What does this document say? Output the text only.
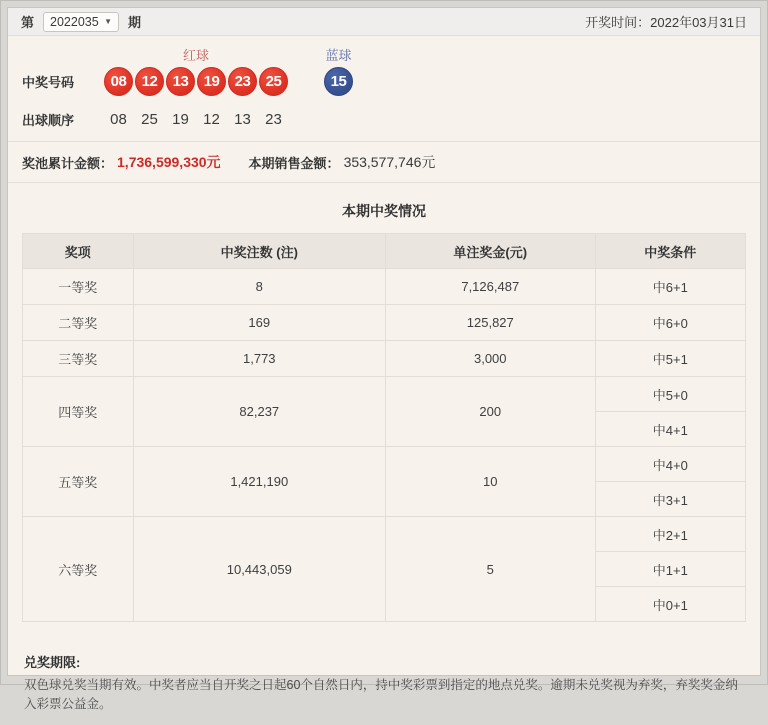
第 2022035 ▼ 期	开奖时间：2022年03月31日
红球	蓝球
中奖号码	08	12	13	19	23	25	15
出球顺序	08 25 19 12 13 23
奖池累计金额： 1,736,599,330元 本期销售金额： 353,577,746元
本期中奖情况
奖项	中奖注数 (注)	单注奖金(元)	中奖条件
一等奖	8	7,126,487	中6+1
二等奖	169	125,827	中6+0
三等奖	1,773	3,000	中5+1
四等奖	82,237	200	中5+0
			中4+1
五等奖	1,421,190	10	中4+0
			中3+1
六等奖	10,443,059	5	中2+1
			中1+1
			中0+1
兑奖期限:
双色球兑奖当期有效。中奖者应当自开奖之日起60个自然日内，持中奖彩票到指定的地点兑奖。逾期未兑奖视为弃奖，弃奖奖金纳入彩票公益金。
